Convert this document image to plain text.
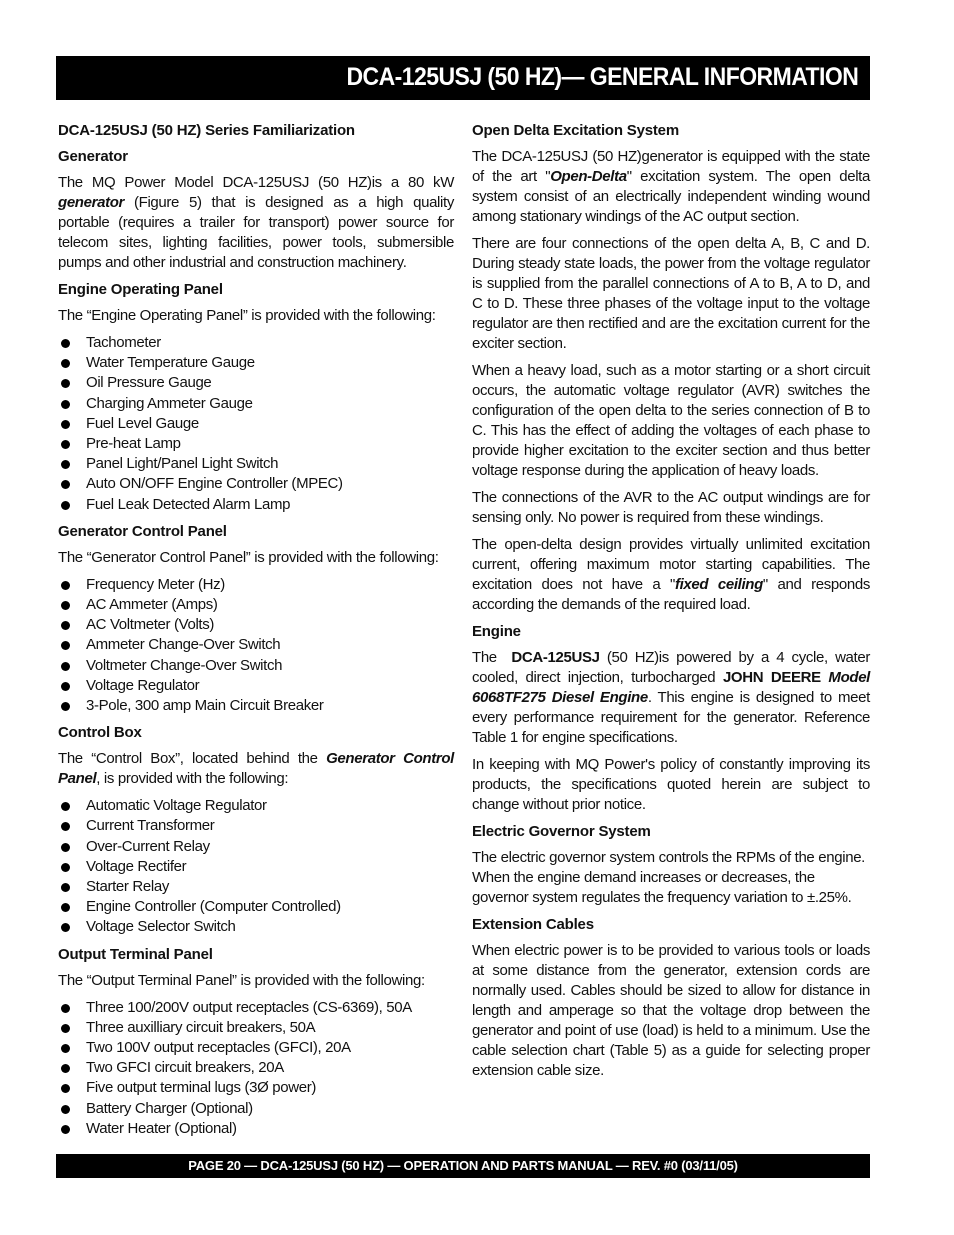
DCA-125USJ (50 HZ)— GENERAL INFORMATION
DCA-125USJ (50 HZ) Series Familiarization
Generator

The MQ Power Model DCA-125USJ (50 HZ)is a 80 kW generator (Figure 5) that is designed as a high quality portable (requires a trailer for transport) power source for telecom sites, lighting facilities, power tools, submersible pumps and other industrial and construction machinery.

Engine Operating Panel

The “Engine Operating Panel” is provided with the following:

Tachometer
Water Temperature Gauge
Oil Pressure Gauge
Charging Ammeter Gauge
Fuel Level Gauge
Pre-heat Lamp
Panel Light/Panel Light Switch
Auto ON/OFF Engine Controller (MPEC)
Fuel Leak Detected Alarm Lamp
Generator Control Panel

The “Generator Control Panel” is provided with the following:

Frequency Meter (Hz)
AC Ammeter (Amps)
AC Voltmeter (Volts)
Ammeter Change-Over Switch
Voltmeter Change-Over Switch
Voltage Regulator
3-Pole, 300 amp Main Circuit Breaker
Control Box

The “Control Box”, located behind the Generator Control Panel, is provided with the following:

Automatic Voltage Regulator
Current Transformer
Over-Current Relay
Voltage Rectifer
Starter Relay
Engine Controller (Computer Controlled)
Voltage Selector Switch
Output Terminal Panel

The “Output Terminal Panel” is provided with the following:

Three 100/200V output receptacles (CS-6369), 50A
Three auxilliary circuit breakers, 50A
Two 100V output receptacles (GFCI), 20A
Two GFCI circuit breakers, 20A
Five output terminal lugs (3Ø power)
Battery Charger (Optional)
Water Heater (Optional)
Open Delta Excitation System

The DCA-125USJ (50 HZ)generator is equipped with the state of the art "Open-Delta" excitation system. The open delta system consist of an electrically independent winding wound among stationary windings of the AC output section.

There are four connections of the open delta A, B, C and D. During steady state loads, the power from the voltage regulator is supplied from the parallel connections of A to B, A to D, and C to D. These three phases of the voltage input to the voltage regulator are then rectified and are the excitation current for the exciter section.

When a heavy load, such as a motor starting or a short circuit occurs, the automatic voltage regulator (AVR) switches the configuration of the open delta to the series connection of B to C. This has the effect of adding the voltages of each phase to provide higher excitation to the exciter section and thus better voltage response during the application of heavy loads.

The connections of the AVR to the AC output windings are for sensing only. No power is required from these windings.

The open-delta design provides virtually unlimited excitation current, offering maximum motor starting capabilities. The excitation does not have a "fixed ceiling" and responds according the demands of the required load.

Engine

The  DCA-125USJ (50 HZ)is powered by a 4 cycle, water cooled, direct injection, turbocharged JOHN DEERE Model 6068TF275 Diesel Engine. This engine is designed to meet every performance requirement for the generator. Reference Table 1 for engine specifications.

In keeping with MQ Power's policy of constantly improving its products, the specifications quoted herein are subject to change without prior notice.

Electric Governor System

The electric governor system controls the RPMs of the engine. When the engine demand increases or decreases, the governor system regulates the frequency variation to ±.25%.

Extension Cables

When electric power is to be provided to various tools or loads at some distance from the generator, extension cords are normally used. Cables should be sized to allow for distance in length and amperage so that the voltage drop between the generator and point of use (load) is held to a minimum. Use the cable selection chart (Table 5) as a guide for selecting proper extension cable size.

PAGE 20 — DCA-125USJ (50 HZ) — OPERATION AND PARTS MANUAL — REV. #0 (03/11/05)
